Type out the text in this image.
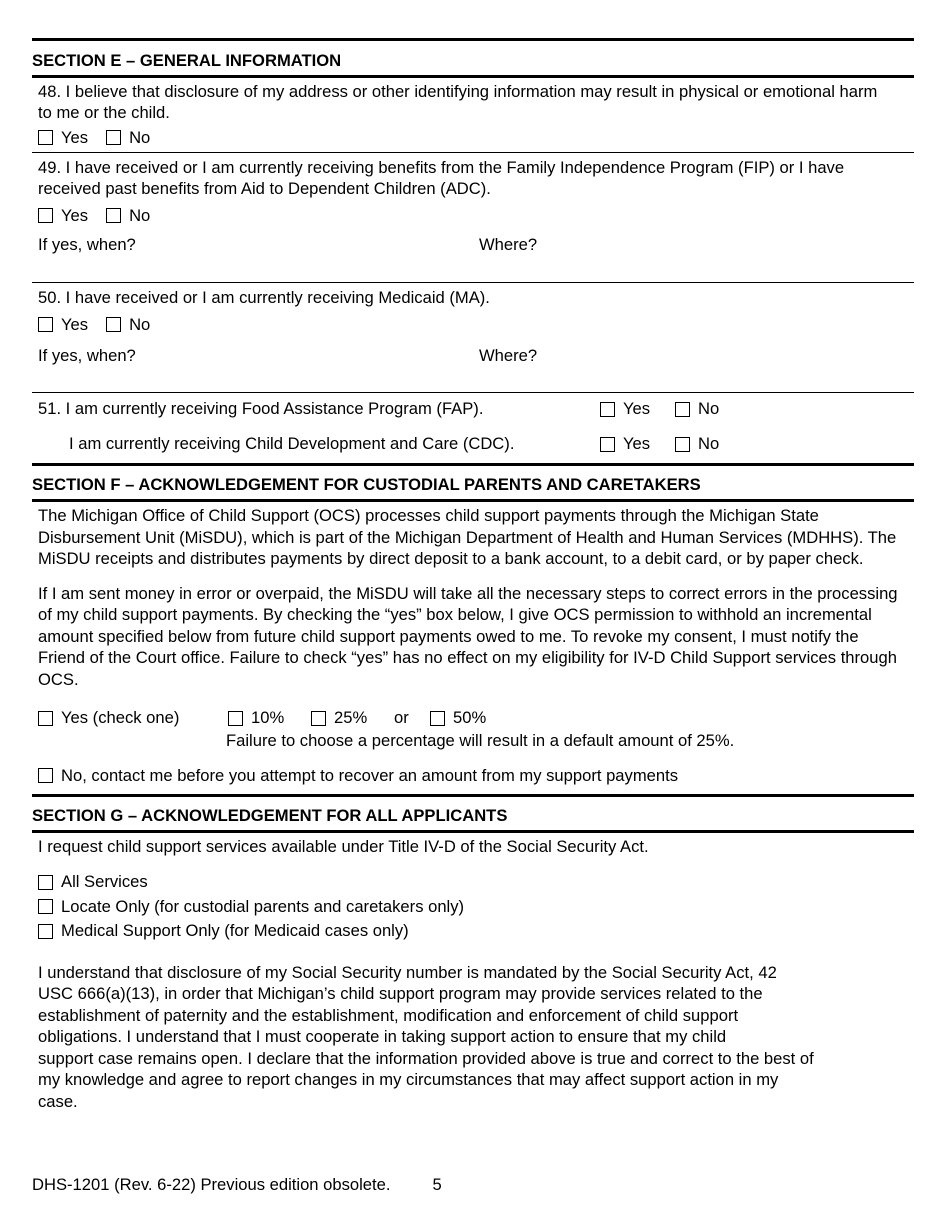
SECTION E – GENERAL INFORMATION
48. I believe that disclosure of my address or other identifying information may result in physical or emotional harm to me or the child.
Yes No
49. I have received or I am currently receiving benefits from the Family Independence Program (FIP) or I have received past benefits from Aid to Dependent Children (ADC).
Yes No
If yes, when?	Where?
50. I have received or I am currently receiving Medicaid (MA).
Yes No
If yes, when?	Where?
51. I am currently receiving Food Assistance Program (FAP).	Yes	No
I am currently receiving Child Development and Care (CDC).	Yes	No
SECTION F – ACKNOWLEDGEMENT FOR CUSTODIAL PARENTS AND CARETAKERS
The Michigan Office of Child Support (OCS) processes child support payments through the Michigan State Disbursement Unit (MiSDU), which is part of the Michigan Department of Health and Human Services (MDHHS). The MiSDU receipts and distributes payments by direct deposit to a bank account, to a debit card, or by paper check.
If I am sent money in error or overpaid, the MiSDU will take all the necessary steps to correct errors in the processing of my child support payments. By checking the “yes” box below, I give OCS permission to withhold an incremental amount specified below from future child support payments owed to me. To revoke my consent, I must notify the Friend of the Court office. Failure to check “yes” has no effect on my eligibility for IV-D Child Support services through OCS.
Yes (check one)	10%	25% or	50%
Failure to choose a percentage will result in a default amount of 25%.
No, contact me before you attempt to recover an amount from my support payments
SECTION G – ACKNOWLEDGEMENT FOR ALL APPLICANTS
I request child support services available under Title IV-D of the Social Security Act.
All Services
Locate Only (for custodial parents and caretakers only)
Medical Support Only (for Medicaid cases only)
I understand that disclosure of my Social Security number is mandated by the Social Security Act, 42
USC 666(a)(13), in order that Michigan’s child support program may provide services related to the
establishment of paternity and the establishment, modification and enforcement of child support
obligations. I understand that I must cooperate in taking support action to ensure that my child
support case remains open. I declare that the information provided above is true and correct to the best of
my knowledge and agree to report changes in my circumstances that may affect support action in my
case.
DHS-1201 (Rev. 6-22) Previous edition obsolete.	5
